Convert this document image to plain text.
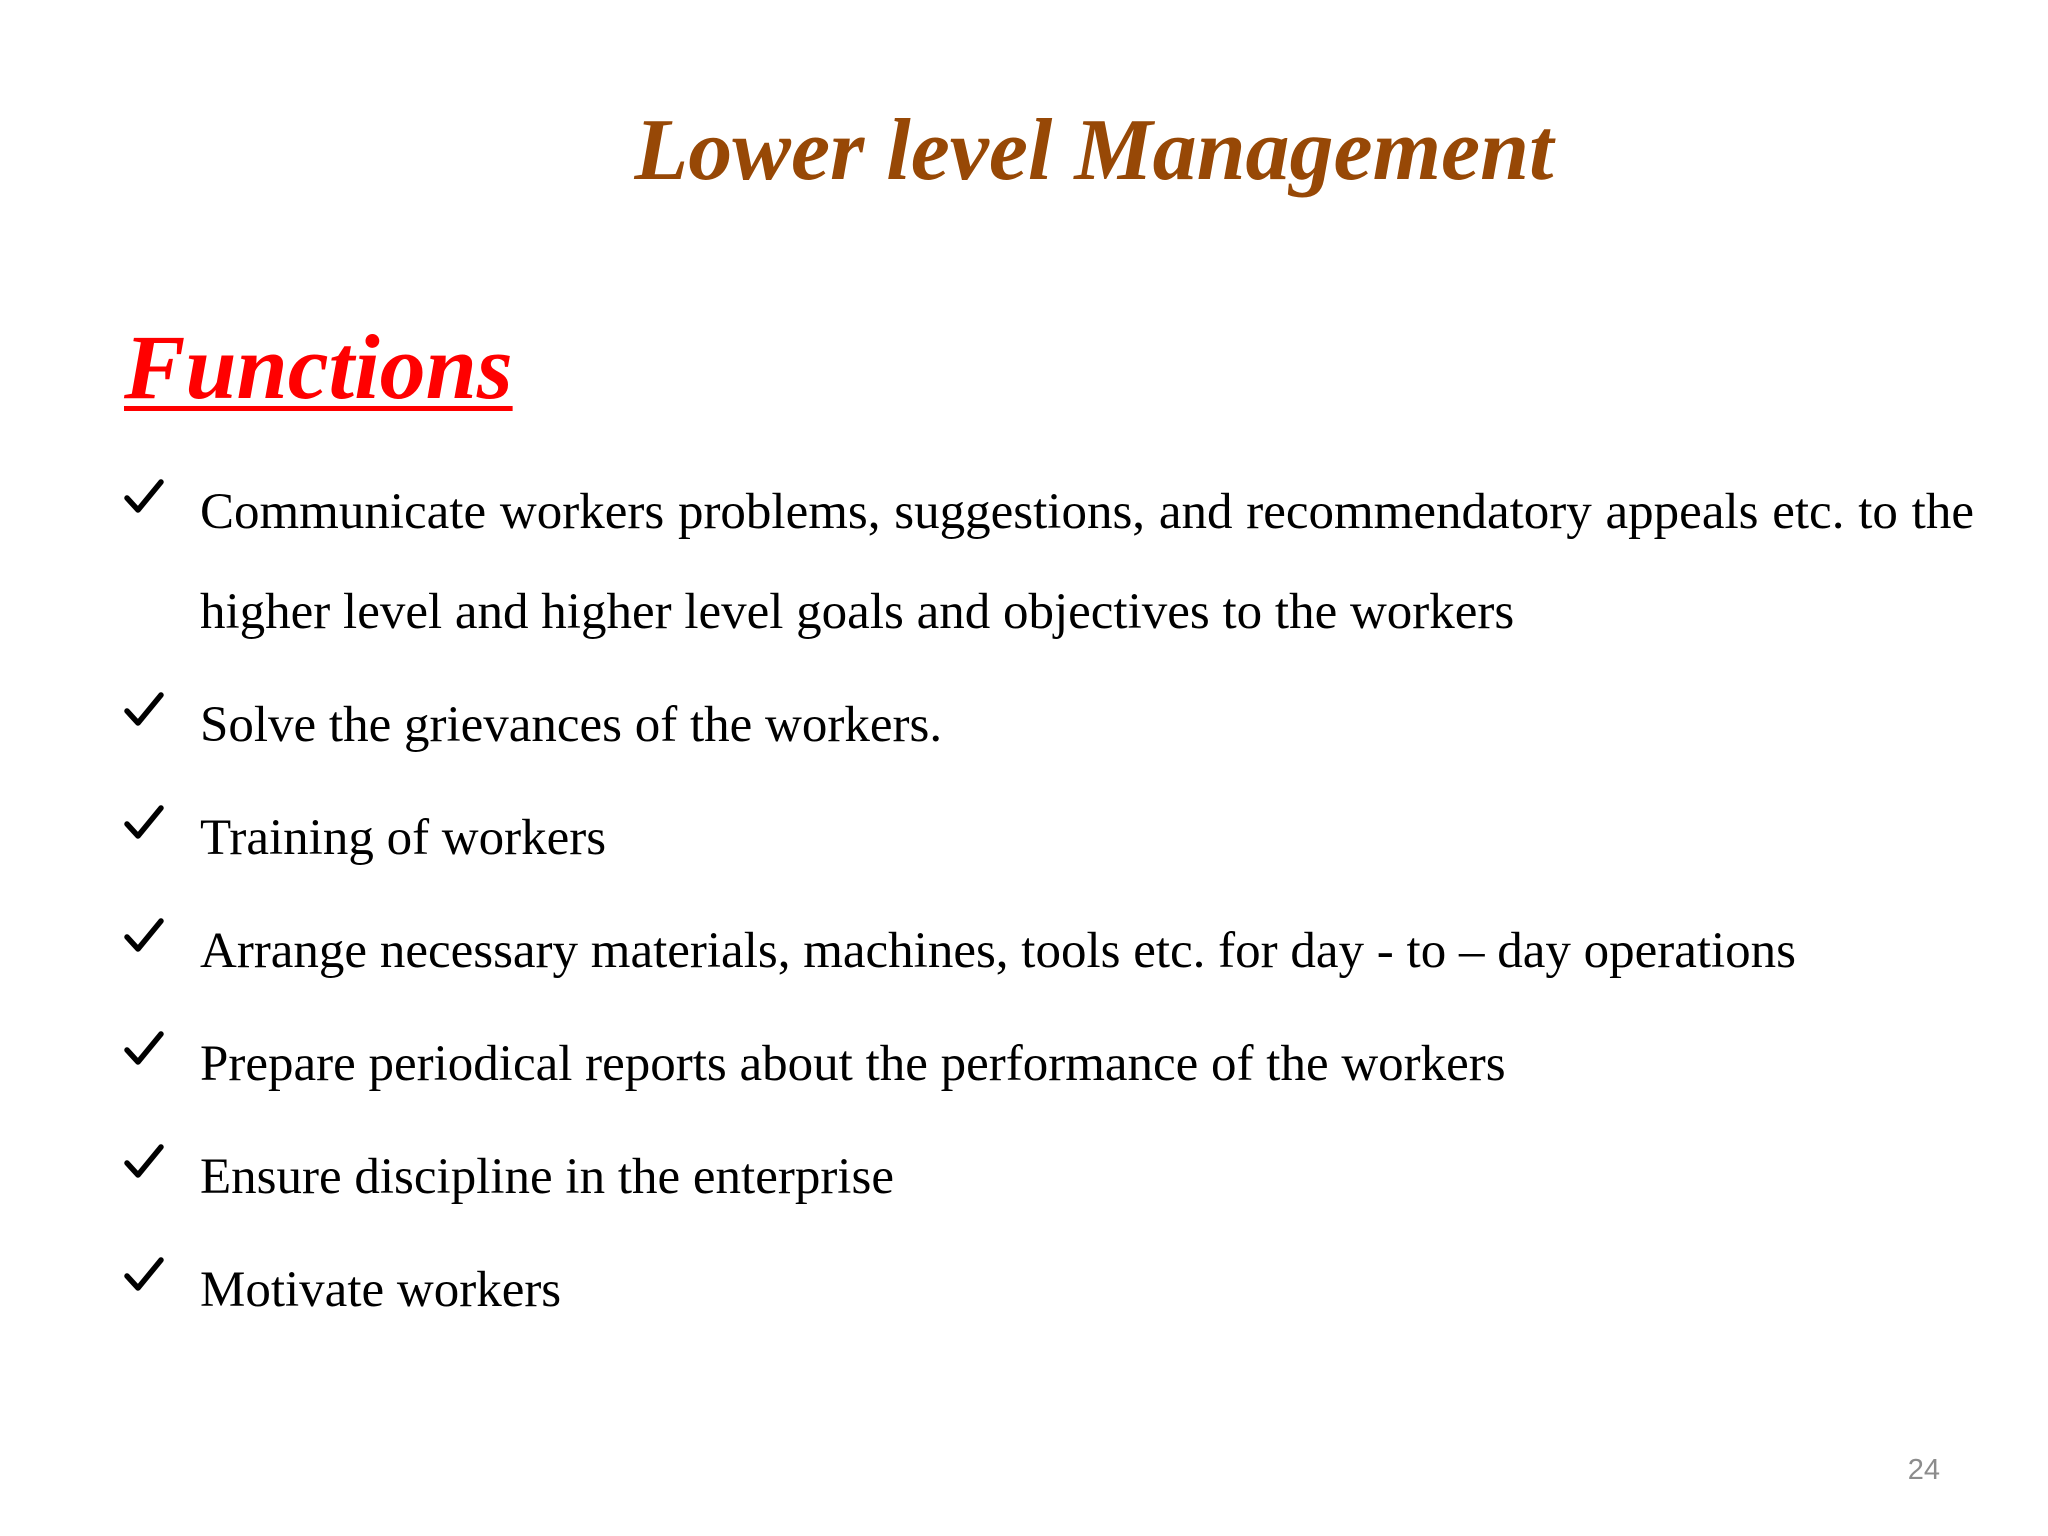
Lower level Management
Functions
Communicate workers problems, suggestions, and recommendatory appeals etc. to the higher level and higher level goals and objectives to the workers
Solve the grievances of the workers.
Training of workers
Arrange necessary materials, machines, tools etc. for day - to – day operations
Prepare periodical reports about the performance of the workers
Ensure discipline in the enterprise
Motivate workers
24
